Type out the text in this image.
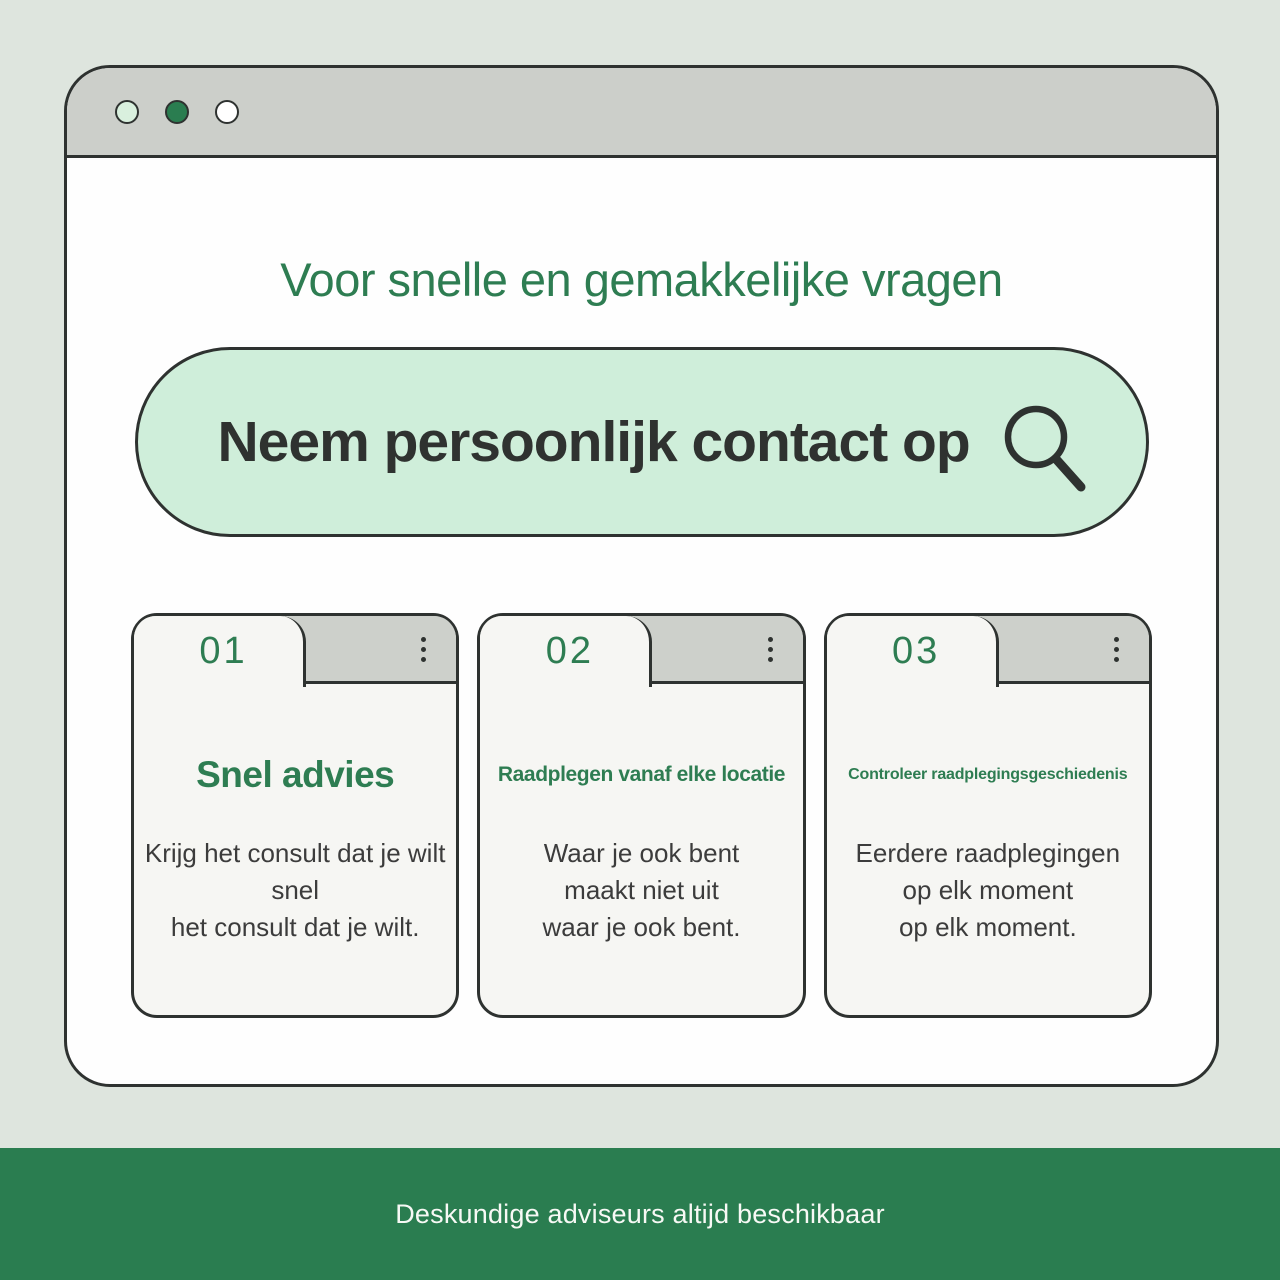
Voor snelle en gemakkelijke vragen
Neem persoonlijk contact op
01
Snel advies
Krijg het consult dat je wilt
snel
het consult dat je wilt.
02
Raadplegen vanaf elke locatie
Waar je ook bent
maakt niet uit
waar je ook bent.
03
Controleer raadplegingsgeschiedenis
Eerdere raadplegingen
op elk moment
op elk moment.
Deskundige adviseurs altijd beschikbaar
